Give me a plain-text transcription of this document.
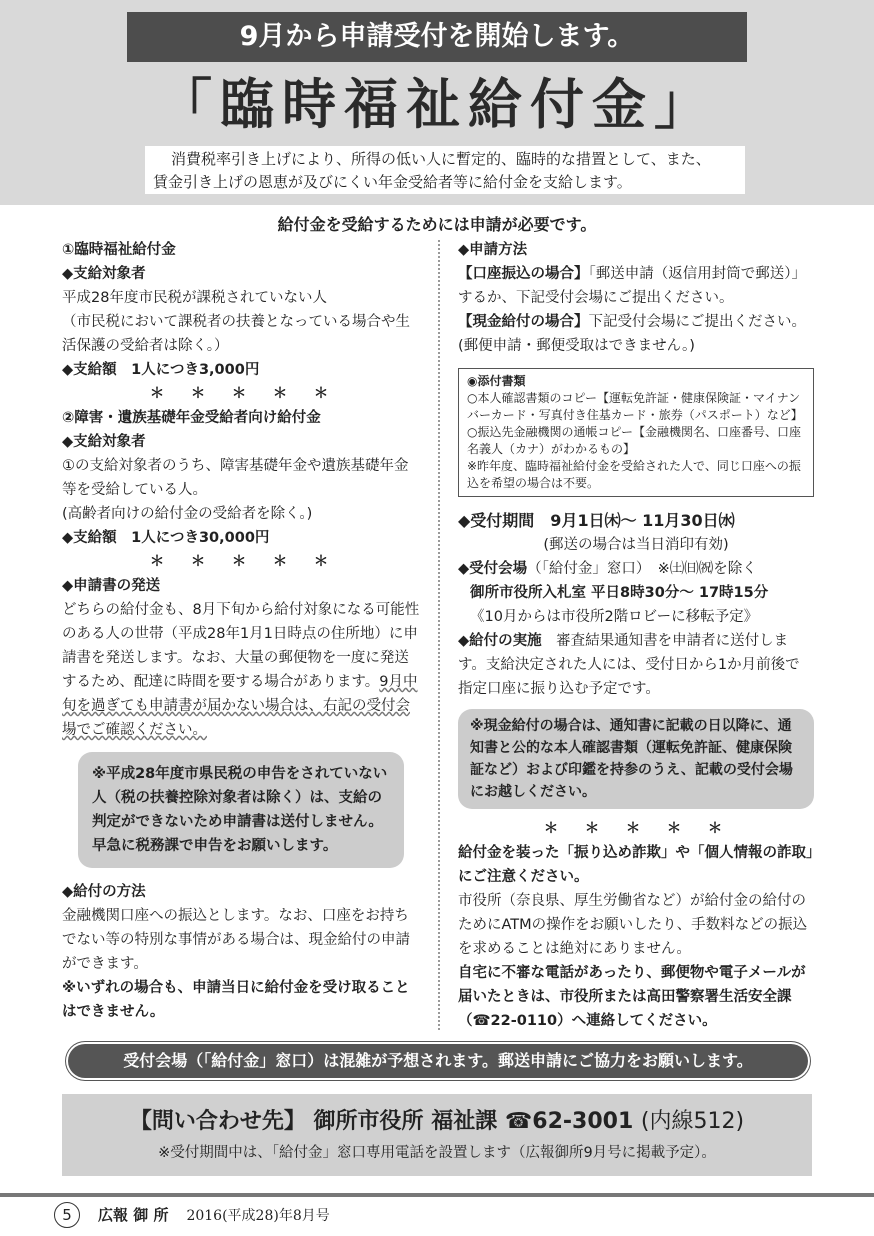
9月から申請受付を開始します。
「臨時福祉給付金」

消費税率引き上げにより、所得の低い人に暫定的、臨時的な措置として、また、

賃金引き上げの恩恵が及びにくい年金受給者等に給付金を支給します。

給付金を受給するためには申請が必要です。
①臨時福祉給付金
◆支給対象者
平成28年度市民税が課税されていない人
（市民税において課税者の扶養となっている場合や生活保護の受給者は除く。）
◆支給額　1人につき3,000円
＊　＊　＊　＊　＊
②障害・遺族基礎年金受給者向け給付金
◆支給対象者
①の支給対象者のうち、障害基礎年金や遺族基礎年金等を受給している人。
(高齢者向けの給付金の受給者を除く。)
◆支給額　1人につき30,000円
＊　＊　＊　＊　＊
◆申請書の発送
どちらの給付金も、8月下旬から給付対象になる可能性のある人の世帯（平成28年1月1日時点の住所地）に申請書を発送します。なお、大量の郵便物を一度に発送するため、配達に時間を要する場合があります。9月中旬を過ぎても申請書が届かない場合は、右記の受付会場でご確認ください。
※平成28年度市県民税の申告をされていない人（税の扶養控除対象者は除く）は、支給の判定ができないため申請書は送付しません。早急に税務課で申告をお願いします。
◆給付の方法
金融機関口座への振込とします。なお、口座をお持ちでない等の特別な事情がある場合は、現金給付の申請ができます。
※いずれの場合も、申請当日に給付金を受け取ることはできません。
◆申請方法
【口座振込の場合】「郵送申請（返信用封筒で郵送）」するか、下記受付会場にご提出ください。
【現金給付の場合】下記受付会場にご提出ください。
(郵便申請・郵便受取はできません。)
◉添付書類
○本人確認書類のコピー【運転免許証・健康保険証・マイナンバーカード・写真付き住基カード・旅券（パスポート）など】
○振込先金融機関の通帳コピー【金融機関名、口座番号、口座名義人（カナ）がわかるもの】
※昨年度、臨時福祉給付金を受給された人で、同じ口座への振込を希望の場合は不要。
◆受付期間　9月1日㈭～ 11月30日㈬
(郵送の場合は当日消印有効)
◆受付会場（「給付金」窓口）　※㈯㈰㈷を除く
御所市役所入札室 平日8時30分～ 17時15分
《10月からは市役所2階ロビーに移転予定》
◆給付の実施　 審査結果通知書を申請者に送付します。支給決定された人には、受付日から1か月前後で指定口座に振り込む予定です。
※現金給付の場合は、通知書に記載の日以降に、通知書と公的な本人確認書類（運転免許証、健康保険証など）および印鑑を持参のうえ、記載の受付会場にお越しください。
＊　＊　＊　＊　＊
給付金を装った「振り込め詐欺」や「個人情報の詐取」にご注意ください。
市役所（奈良県、厚生労働省など）が給付金の給付のためにATMの操作をお願いしたり、手数料などの振込を求めることは絶対にありません。
自宅に不審な電話があったり、郵便物や電子メールが届いたときは、市役所または高田警察署生活安全課（☎22-0110）へ連絡してください。
受付会場（「給付金」窓口）は混雑が予想されます。郵送申請にご協力をお願いします。
【問い合わせ先】 御所市役所 福祉課 ☎62-3001 (内線512)
※受付期間中は、「給付金」窓口専用電話を設置します（広報御所9月号に掲載予定）。
5 広報 御 所 2016(平成28)年8月号
